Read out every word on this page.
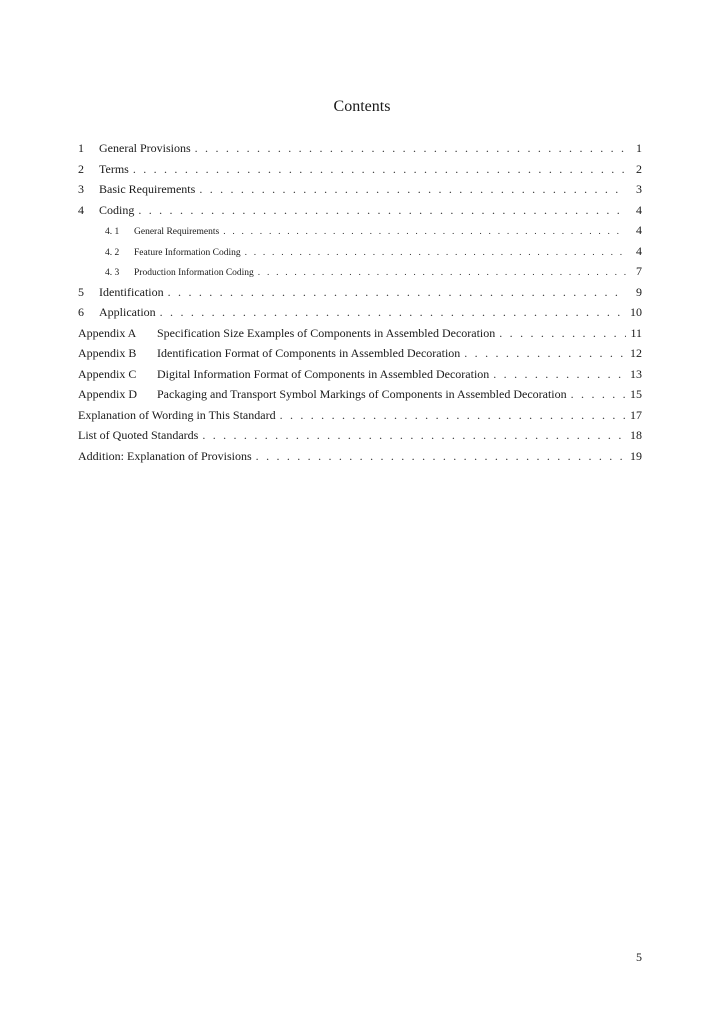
Contents
1	General Provisions . . .	1
2	Terms . . .	2
3	Basic Requirements . . .	3
4	Coding . . .	4
4. 1	General Requirements . . .	4
4. 2	Feature Information Coding . . .	4
4. 3	Production Information Coding . . .	7
5	Identification . . .	9
6	Application . . .	10
Appendix A	Specification Size Examples of Components in Assembled Decoration . . .	11
Appendix B	Identification Format of Components in Assembled Decoration . . .	12
Appendix C	Digital Information Format of Components in Assembled Decoration . . .	13
Appendix D	Packaging and Transport Symbol Markings of Components in Assembled Decoration . . .	15
Explanation of Wording in This Standard . . .	17
List of Quoted Standards . . .	18
Addition: Explanation of Provisions . . .	19
5
